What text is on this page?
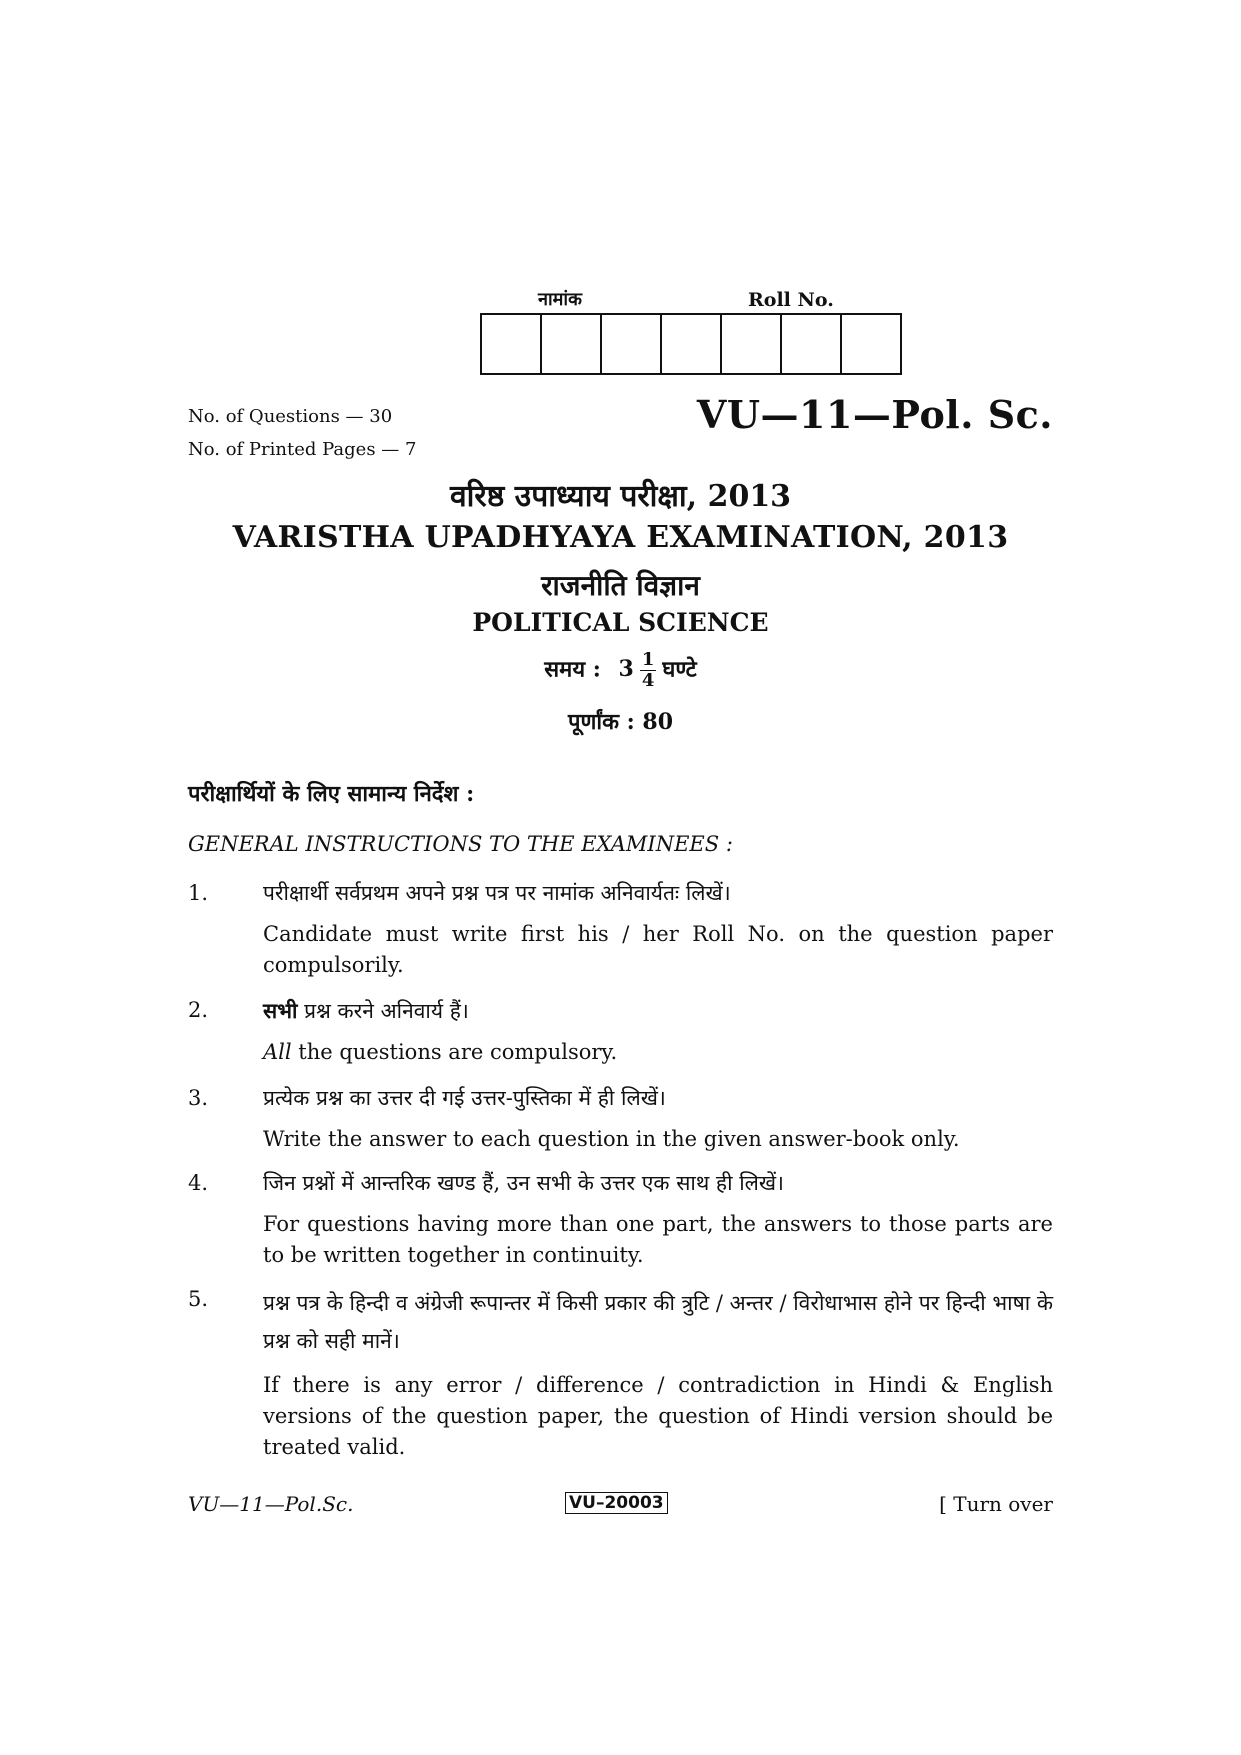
नामांक	Roll No.
No. of Questions — 30
No. of Printed Pages — 7
VU—11—Pol. Sc.
वरिष्ठ उपाध्याय परीक्षा, 2013
VARISTHA UPADHYAYA EXAMINATION, 2013
राजनीति विज्ञान
POLITICAL SCIENCE
समय : $3 \frac{1}{4}$ घण्टे
पूर्णांक : 80
परीक्षार्थियों के लिए सामान्य निर्देश :
GENERAL INSTRUCTIONS TO THE EXAMINEES :
1.	परीक्षार्थी सर्वप्रथम अपने प्रश्न पत्र पर नामांक अनिवार्यतः लिखें।

Candidate must write first his / her Roll No. on the question paper compulsorily.

2.	सभी प्रश्न करने अनिवार्य हैं।

All the questions are compulsory.

3.	प्रत्येक प्रश्न का उत्तर दी गई उत्तर-पुस्तिका में ही लिखें।

Write the answer to each question in the given answer-book only.

4.	जिन प्रश्नों में आन्तरिक खण्ड हैं, उन सभी के उत्तर एक साथ ही लिखें।

For questions having more than one part, the answers to those parts are to be written together in continuity.

5.	प्रश्न पत्र के हिन्दी व अंग्रेजी रूपान्तर में किसी प्रकार की त्रुटि / अन्तर / विरोधाभास होने पर हिन्दी भाषा के प्रश्न को सही मानें।

If there is any error / difference / contradiction in Hindi & English versions of the question paper, the question of Hindi version should be treated valid.

VU—11—Pol.Sc.	VU–20003	[ Turn over
